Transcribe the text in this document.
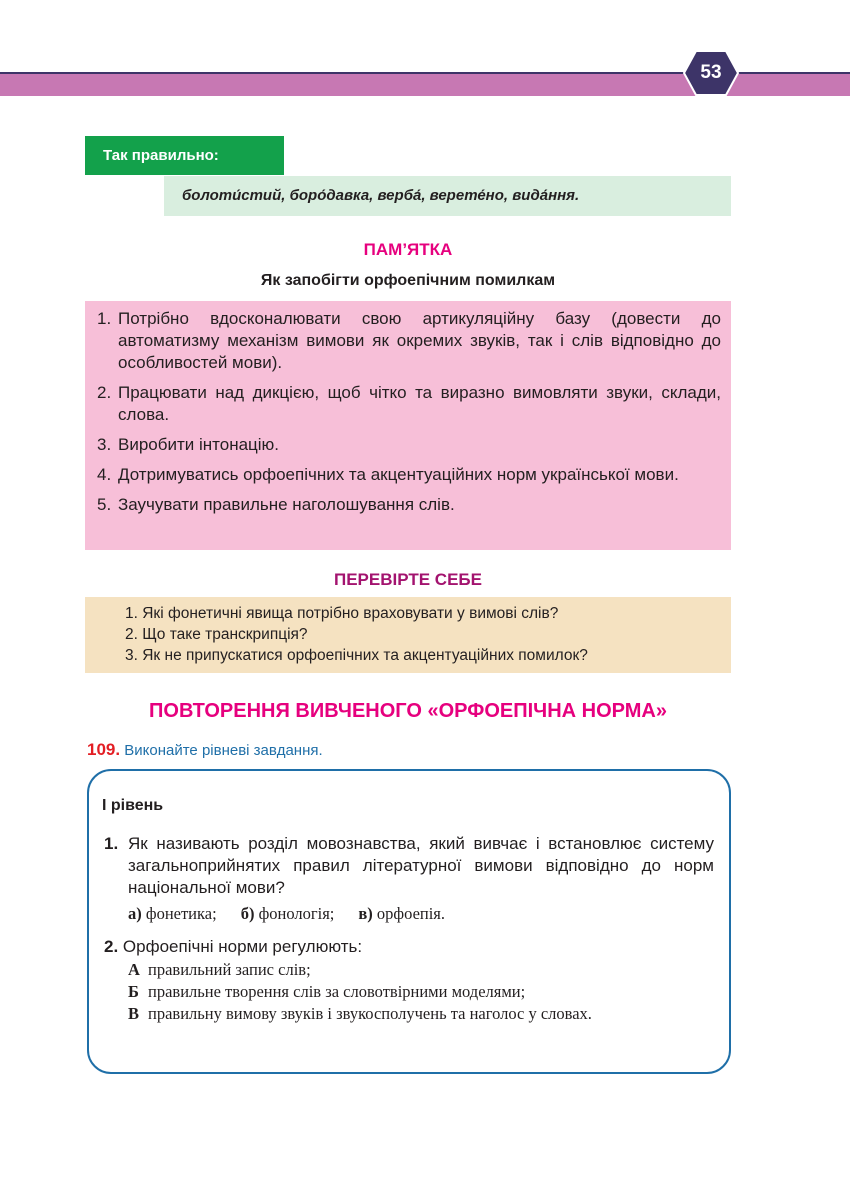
53
Так правильно:
болоти́стий, боро́давка, верба́, верете́но, вида́ння.
ПАМ’ЯТКА
Як запобігти орфоепічним помилкам
1. Потрібно вдосконалювати свою артикуляційну базу (довести до автоматизму механізм вимови як окремих звуків, так і слів відповідно до особливостей мови).
2. Працювати над дикцією, щоб чітко та виразно вимовляти звуки, склади, слова.
3. Виробити інтонацію.
4. Дотримуватись орфоепічних та акцентуаційних норм української мови.
5. Заучувати правильне наголошування слів.
ПЕРЕВІРТЕ СЕБЕ
1. Які фонетичні явища потрібно враховувати у вимові слів?
2. Що таке транскрипція?
3. Як не припускатися орфоепічних та акцентуаційних помилок?
ПОВТОРЕННЯ ВИВЧЕНОГО «ОРФОЕПІЧНА НОРМА»
109. Виконайте рівневі завдання.
І рівень
1. Як називають розділ мовознавства, який вивчає і встановлює систему загальноприйнятих правил літературної вимови відповідно до норм національної мови?
а) фонетика; б) фонологія; в) орфоепія.
2. Орфоепічні норми регулюють:
А правильний запис слів;
Б правильне творення слів за словотвірними моделями;
В правильну вимову звуків і звукосполучень та наголос у словах.
